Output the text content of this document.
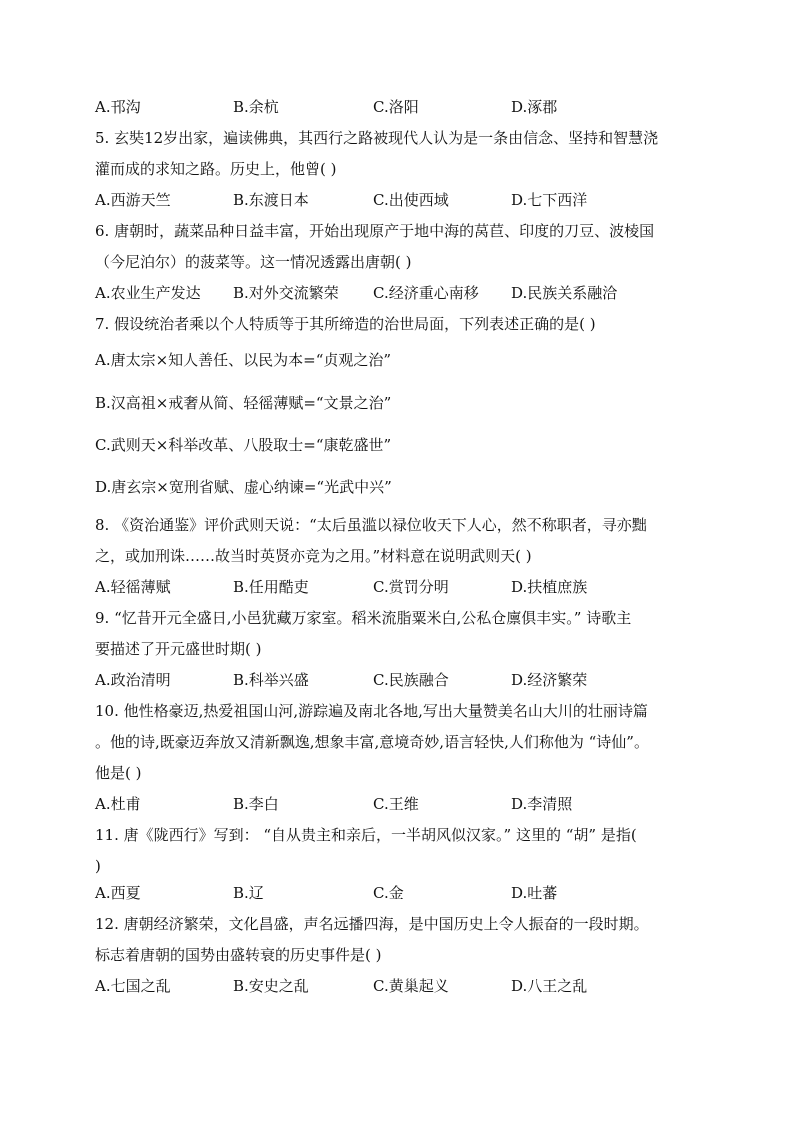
A.邗沟	B.余杭	C.洛阳	D.涿郡
5. 玄奘12岁出家，遍读佛典，其西行之路被现代人认为是一条由信念、坚持和智慧浇
灌而成的求知之路。历史上，他曾( )
A.西游天竺	B.东渡日本	C.出使西域	D.七下西洋
6. 唐朝时，蔬菜品种日益丰富，开始出现原产于地中海的莴苣、印度的刀豆、波棱国
（今尼泊尔）的菠菜等。这一情况透露出唐朝( )
A.农业生产发达 B.对外交流繁荣 C.经济重心南移 D.民族关系融洽
7. 假设统治者乘以个人特质等于其所缔造的治世局面，下列表述正确的是( )
A.唐太宗×知人善任、以民为本=“贞观之治”
B.汉高祖×戒奢从简、轻徭薄赋=“文景之治”
C.武则天×科举改革、八股取士=“康乾盛世”
D.唐玄宗×宽刑省赋、虚心纳谏=“光武中兴”
8. 《资治通鉴》评价武则天说：“太后虽滥以禄位收天下人心，然不称职者，寻亦黜
之，或加刑诛……故当时英贤亦竞为之用。”材料意在说明武则天( )
A.轻徭薄赋	B.任用酷吏	C.赏罚分明	D.扶植庶族
9. “忆昔开元全盛日,小邑犹藏万家室。稻米流脂粟米白,公私仓廪俱丰实。” 诗歌主
要描述了开元盛世时期( )
A.政治清明	B.科举兴盛	C.民族融合	D.经济繁荣
10. 他性格豪迈,热爱祖国山河,游踪遍及南北各地,写出大量赞美名山大川的壮丽诗篇
。他的诗,既豪迈奔放又清新飘逸,想象丰富,意境奇妙,语言轻快,人们称他为 “诗仙”。
他是( )
A.杜甫	B.李白	C.王维	D.李清照
11. 唐《陇西行》写到： “自从贵主和亲后，一半胡风似汉家。” 这里的 “胡” 是指(
)
A.西夏	B.辽	C.金	D.吐蕃
12. 唐朝经济繁荣，文化昌盛，声名远播四海，是中国历史上令人振奋的一段时期。
标志着唐朝的国势由盛转衰的历史事件是( )
A.七国之乱	B.安史之乱	C.黄巢起义	D.八王之乱
